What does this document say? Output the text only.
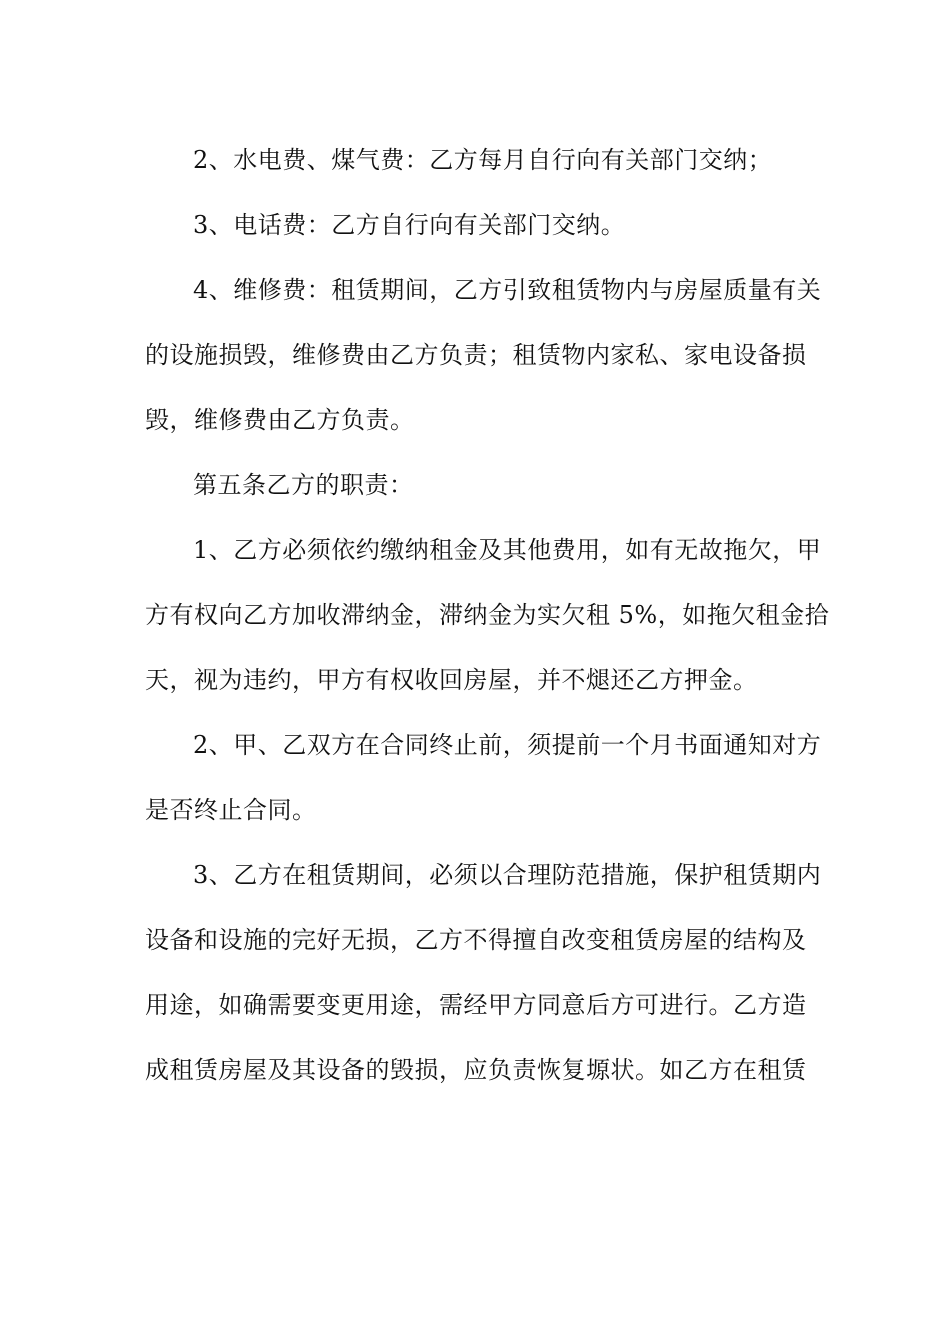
2、水电费、煤气费：乙方每月自行向有关部门交纳；

3、电话费：乙方自行向有关部门交纳。

4、维修费：租赁期间，乙方引致租赁物内与房屋质量有关
的设施损毁，维修费由乙方负责；租赁物内家私、家电设备损
毁，维修费由乙方负责。

第五条乙方的职责：

1、乙方必须依约缴纳租金及其他费用，如有无故拖欠，甲
方有权向乙方加收滞纳金，滞纳金为实欠租 5%，如拖欠租金拾
天，视为违约，甲方有权收回房屋，并不煺还乙方押金。

2、甲、乙双方在合同终止前，须提前一个月书面通知对方
是否终止合同。

3、乙方在租赁期间，必须以合理防范措施，保护租赁期内
设备和设施的完好无损，乙方不得擅自改变租赁房屋的结构及
用途，如确需要变更用途，需经甲方同意后方可进行。乙方造
成租赁房屋及其设备的毁损，应负责恢复塬状。如乙方在租赁
